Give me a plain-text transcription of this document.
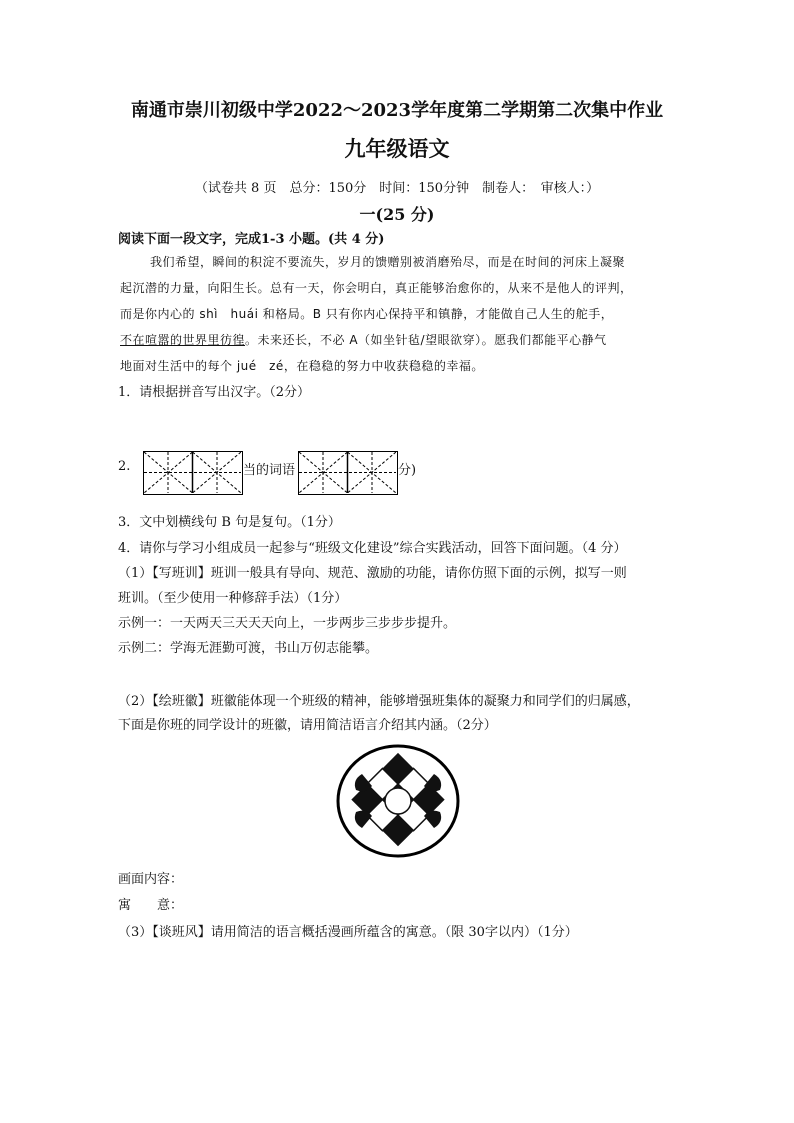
南通市崇川初级中学2022～2023学年度第二学期第二次集中作业
九年级语文
（试卷共 8 页　总分：150分　时间：150分钟　制卷人：　审核人：）
一(25 分)
阅读下面一段文字，完成1-3 小题。(共 4 分)
我们希望，瞬间的积淀不要流失，岁月的馈赠别被消磨殆尽，而是在时间的河床上凝聚
起沉潜的力量，向阳生长。总有一天，你会明白，真正能够治愈你的，从来不是他人的评判，
而是你内心的 shì　huái 和格局。B 只有你内心保持平和镇静，才能做自己人生的舵手，
不在喧嚣的世界里彷徨。未来还长，不必 A（如坐针毡/望眼欲穿）。愿我们都能平心静气
地面对生活中的每个 jué　zé，在稳稳的努力中收获稳稳的幸福。
1．请根据拼音写出汉字。（2分）
2.	当的词语	分)
3．文中划横线句 B 句是复句。（1分）
4．请你与学习小组成员一起参与“班级文化建设”综合实践活动，回答下面问题。（4 分）
（1）【写班训】班训一般具有导向、规范、激励的功能，请你仿照下面的示例，拟写一则
班训。（至少使用一种修辞手法）（1分）
示例一：一天两天三天天天向上，一步两步三步步步提升。
示例二：学海无涯勤可渡，书山万仞志能攀。
（2）【绘班徽】班徽能体现一个班级的精神，能够增强班集体的凝聚力和同学们的归属感，
下面是你班的同学设计的班徽，请用简洁语言介绍其内涵。（2分）
画面内容：
寓　　意：
（3）【谈班风】请用简洁的语言概括漫画所蕴含的寓意。（限 30字以内）（1分）
